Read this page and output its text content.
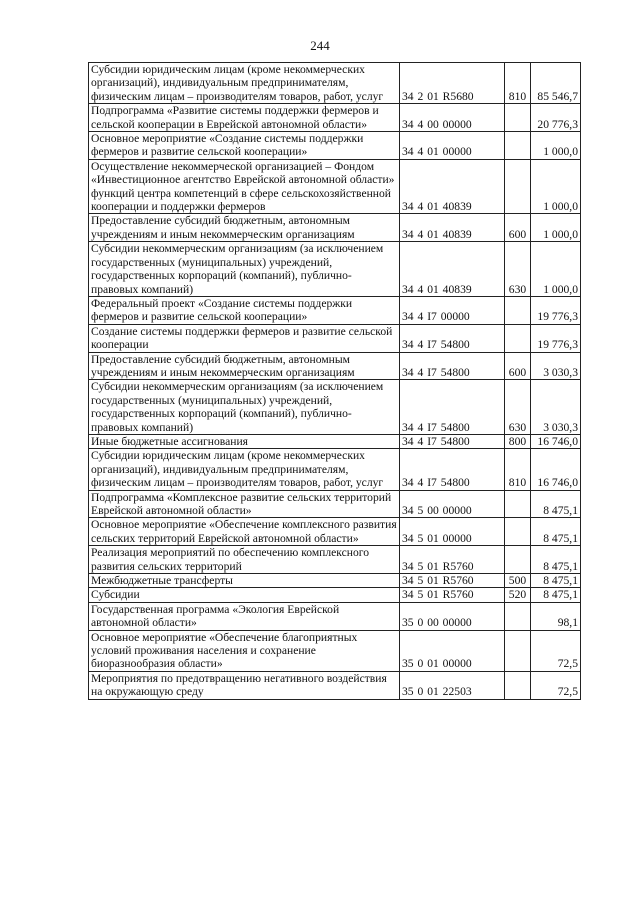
244
Субсидии юридическим лицам (кроме некоммерческих организаций), индивидуальным предпринимателям, физическим лицам – производителям товаров, работ, услуг	34 2 01 R5680	810	85 546,7
Подпрограмма «Развитие системы поддержки фермеров и сельской кооперации в Еврейской автономной области»	34 4 00 00000		20 776,3
Основное мероприятие «Создание системы поддержки фермеров и развитие сельской кооперации»	34 4 01 00000		1 000,0
Осуществление некоммерческой организацией – Фондом «Инвестиционное агентство Еврейской автономной области» функций центра компетенций в сфере сельскохозяйственной кооперации и поддержки фермеров	34 4 01 40839		1 000,0
Предоставление субсидий бюджетным, автономным учреждениям и иным некоммерческим организациям	34 4 01 40839	600	1 000,0
Субсидии некоммерческим организациям (за исключением государственных (муниципальных) учреждений, государственных корпораций (компаний), публично-правовых компаний)	34 4 01 40839	630	1 000,0
Федеральный проект «Создание системы поддержки фермеров и развитие сельской кооперации»	34 4 I7 00000		19 776,3
Создание системы поддержки фермеров и развитие сельской кооперации	34 4 I7 54800		19 776,3
Предоставление субсидий бюджетным, автономным учреждениям и иным некоммерческим организациям	34 4 I7 54800	600	3 030,3
Субсидии некоммерческим организациям (за исключением государственных (муниципальных) учреждений, государственных корпораций (компаний), публично-правовых компаний)	34 4 I7 54800	630	3 030,3
Иные бюджетные ассигнования	34 4 I7 54800	800	16 746,0
Субсидии юридическим лицам (кроме некоммерческих организаций), индивидуальным предпринимателям, физическим лицам – производителям товаров, работ, услуг	34 4 I7 54800	810	16 746,0
Подпрограмма «Комплексное развитие сельских территорий Еврейской автономной области»	34 5 00 00000		8 475,1
Основное мероприятие «Обеспечение комплексного развития сельских территорий Еврейской автономной области»	34 5 01 00000		8 475,1
Реализация мероприятий по обеспечению комплексного развития сельских территорий	34 5 01 R5760		8 475,1
Межбюджетные трансферты	34 5 01 R5760	500	8 475,1
Субсидии	34 5 01 R5760	520	8 475,1
Государственная программа «Экология Еврейской автономной области»	35 0 00 00000		98,1
Основное мероприятие «Обеспечение благоприятных условий проживания населения и сохранение биоразнообразия области»	35 0 01 00000		72,5
Мероприятия по предотвращению негативного воздействия на окружающую среду	35 0 01 22503		72,5
